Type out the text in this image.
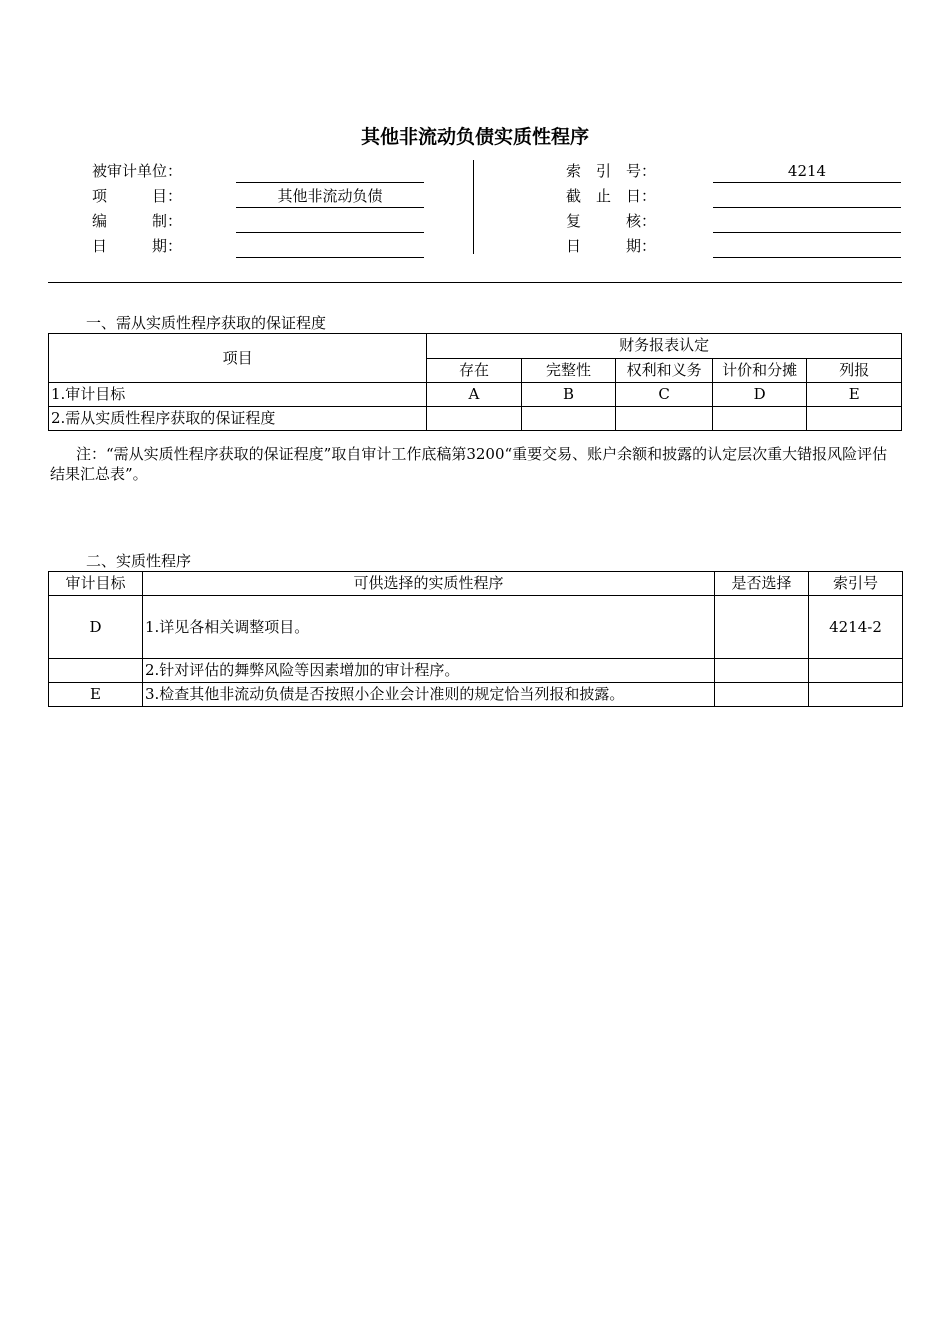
其他非流动负债实质性程序
被审计单位：
项　　　目：	其他非流动负债
编　　　制：
日　　　期：
索　引　号：	4214
截　止　日：
复　　　核：
日　　　期：
一、需从实质性程序获取的保证程度
项目	财务报表认定				
	存在	完整性	权利和义务	计价和分摊	列报
1.审计目标	A	B	C	D	E
2.需从实质性程序获取的保证程度					
注：“需从实质性程序获取的保证程度”取自审计工作底稿第3200“重要交易、账户余额和披露的认定层次重大错报风险评估结果汇总表”。
二、实质性程序
审计目标	可供选择的实质性程序	是否选择	索引号
D	1.详见各相关调整项目。		4214-2
	2.针对评估的舞弊风险等因素增加的审计程序。		
E	3.检查其他非流动负债是否按照小企业会计准则的规定恰当列报和披露。		
